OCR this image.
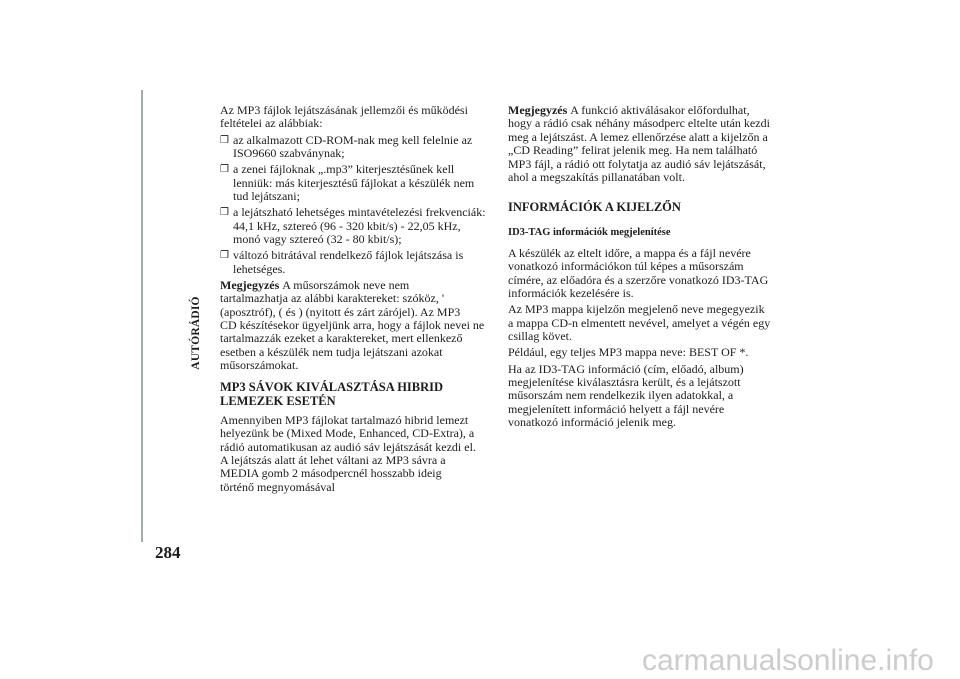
AUTÓRÁDIÓ
284
Az MP3 fájlok lejátszásának jellemzői és működési
feltételei az alábbiak:
❒ az alkalmazott CD-ROM-nak meg kell felelnie az
ISO9660 szabványnak;
❒ a zenei fájloknak „.mp3” kiterjesztésűnek kell
lenniük: más kiterjesztésű fájlokat a készülék nem
tud lejátszani;
❒ a lejátszható lehetséges mintavételezési frekvenciák:
44,1 kHz, sztereó (96 - 320 kbit/s) - 22,05 kHz,
monó vagy sztereó (32 - 80 kbit/s);
❒ változó bitrátával rendelkező fájlok lejátszása is
lehetséges.
Megjegyzés A műsorszámok neve nem
tartalmazhatja az alábbi karaktereket: szóköz, '
(aposztróf), ( és ) (nyitott és zárt zárójel). Az MP3
CD készítésekor ügyeljünk arra, hogy a fájlok nevei ne
tartalmazzák ezeket a karaktereket, mert ellenkező
esetben a készülék nem tudja lejátszani azokat
műsorszámokat.
MP3 SÁVOK KIVÁLASZTÁSA HIBRID
LEMEZEK ESETÉN
Amennyiben MP3 fájlokat tartalmazó hibrid lemezt
helyezünk be (Mixed Mode, Enhanced, CD-Extra), a
rádió automatikusan az audió sáv lejátszását kezdi el.
A lejátszás alatt át lehet váltani az MP3 sávra a
MEDIA gomb 2 másodpercnél hosszabb ideig
történő megnyomásával
Megjegyzés A funkció aktiválásakor előfordulhat,
hogy a rádió csak néhány másodperc eltelte után kezdi
meg a lejátszást. A lemez ellenőrzése alatt a kijelzőn a
„CD Reading” felirat jelenik meg. Ha nem található
MP3 fájl, a rádió ott folytatja az audió sáv lejátszását,
ahol a megszakítás pillanatában volt.
INFORMÁCIÓK A KIJELZŐN
ID3-TAG információk megjelenítése
A készülék az eltelt időre, a mappa és a fájl nevére
vonatkozó információkon túl képes a műsorszám
címére, az előadóra és a szerzőre vonatkozó ID3-TAG
információk kezelésére is.
Az MP3 mappa kijelzőn megjelenő neve megegyezik
a mappa CD-n elmentett nevével, amelyet a végén egy
csillag követ.
Például, egy teljes MP3 mappa neve: BEST OF *.
Ha az ID3-TAG információ (cím, előadó, album)
megjelenítése kiválasztásra került, és a lejátszott
műsorszám nem rendelkezik ilyen adatokkal, a
megjelenített információ helyett a fájl nevére
vonatkozó információ jelenik meg.
carmanualsonline.info
